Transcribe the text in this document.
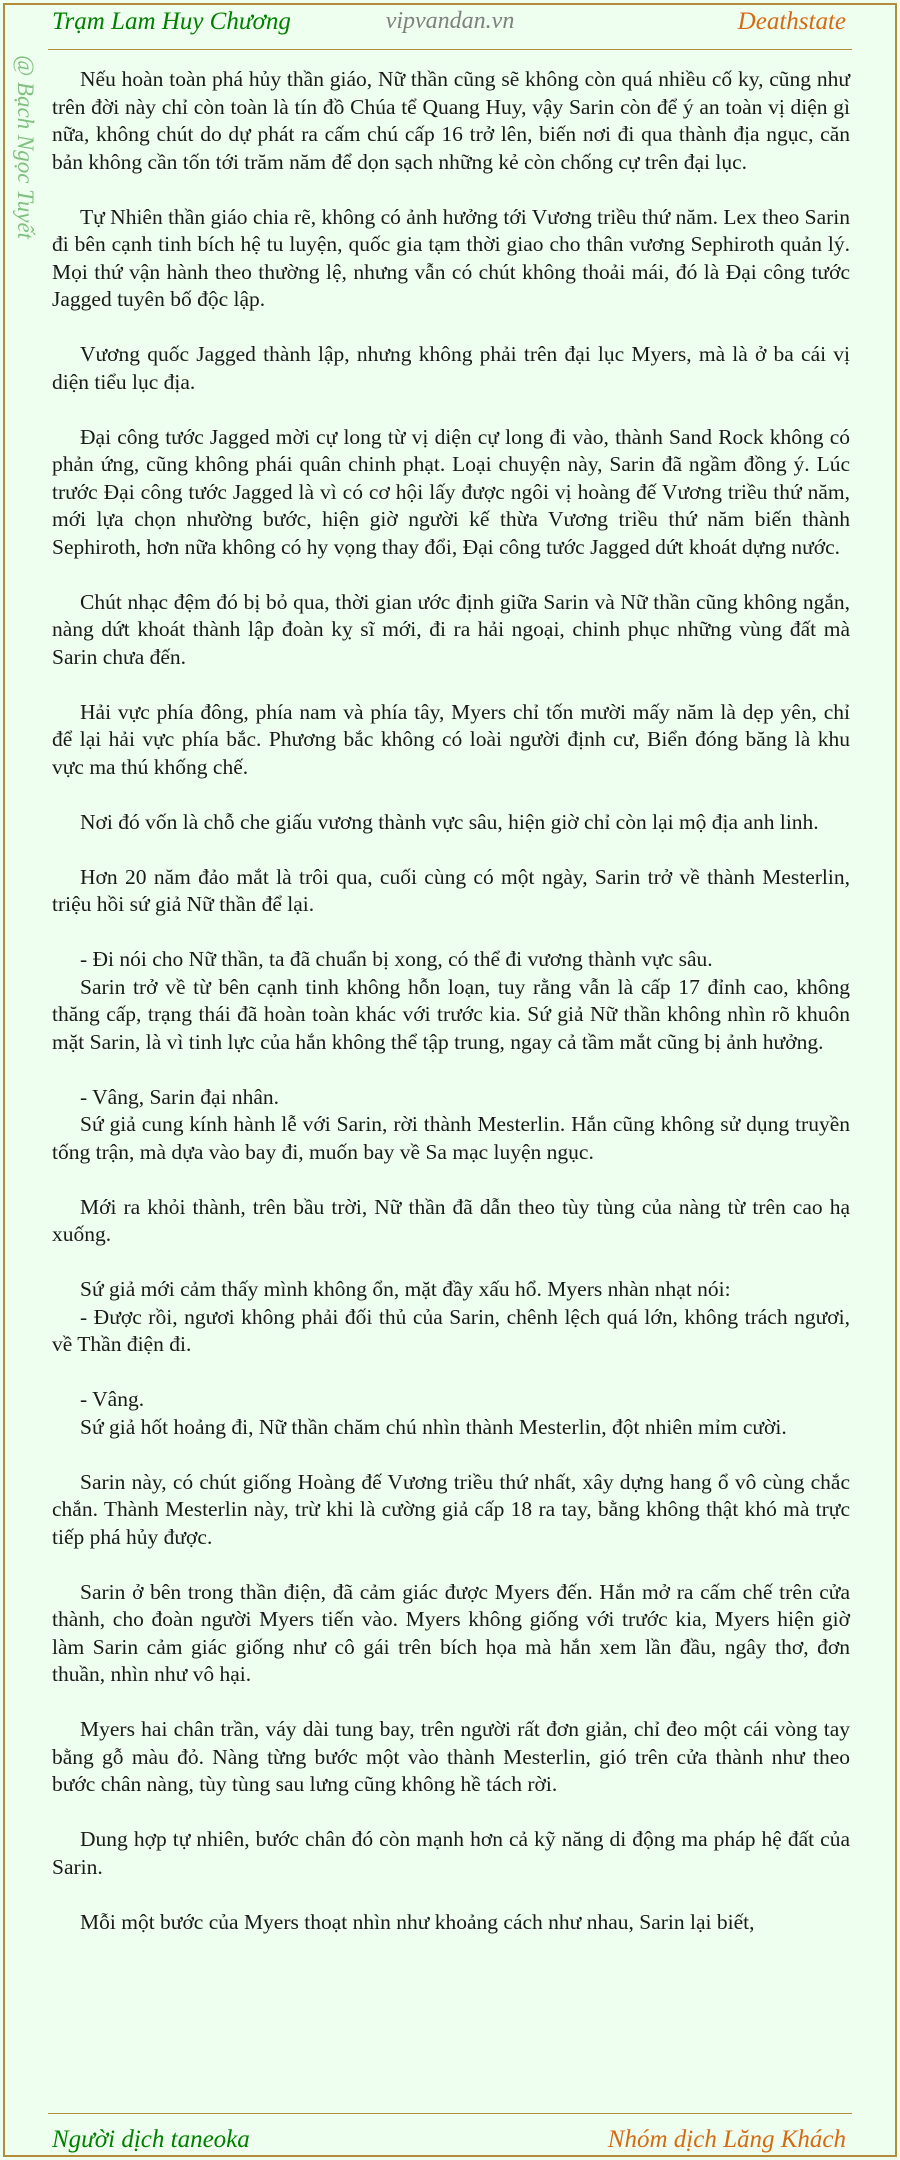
Trạm Lam Huy Chương	vipvandan.vn	Deathstate
@ Bạch Ngọc Tuyết	Nếu hoàn toàn phá hủy thần giáo, Nữ thần cũng sẽ không còn quá nhiều cố ky, cũng như trên đời này chỉ còn toàn là tín đồ Chúa tể Quang Huy, vậy Sarin còn để ý an toàn vị diện gì nữa, không chút do dự phát ra cấm chú cấp 16 trở lên, biến nơi đi qua thành địa ngục, căn bản không cần tốn tới trăm năm để dọn sạch những kẻ còn chống cự trên đại lục.

Tự Nhiên thần giáo chia rẽ, không có ảnh hưởng tới Vương triều thứ năm. Lex theo Sarin đi bên cạnh tinh bích hệ tu luyện, quốc gia tạm thời giao cho thân vương Sephiroth quản lý. Mọi thứ vận hành theo thường lệ, nhưng vẫn có chút không thoải mái, đó là Đại công tước Jagged tuyên bố độc lập.

Vương quốc Jagged thành lập, nhưng không phải trên đại lục Myers, mà là ở ba cái vị diện tiểu lục địa.

Đại công tước Jagged mời cự long từ vị diện cự long đi vào, thành Sand Rock không có phản ứng, cũng không phái quân chinh phạt. Loại chuyện này, Sarin đã ngầm đồng ý. Lúc trước Đại công tước Jagged là vì có cơ hội lấy được ngôi vị hoàng đế Vương triều thứ năm, mới lựa chọn nhường bước, hiện giờ người kế thừa Vương triều thứ năm biến thành Sephiroth, hơn nữa không có hy vọng thay đổi, Đại công tước Jagged dứt khoát dựng nước.

Chút nhạc đệm đó bị bỏ qua, thời gian ước định giữa Sarin và Nữ thần cũng không ngắn, nàng dứt khoát thành lập đoàn kỵ sĩ mới, đi ra hải ngoại, chinh phục những vùng đất mà Sarin chưa đến.

Hải vực phía đông, phía nam và phía tây, Myers chỉ tốn mười mấy năm là dẹp yên, chỉ để lại hải vực phía bắc. Phương bắc không có loài người định cư, Biển đóng băng là khu vực ma thú khống chế.

Nơi đó vốn là chỗ che giấu vương thành vực sâu, hiện giờ chỉ còn lại mộ địa anh linh.

Hơn 20 năm đảo mắt là trôi qua, cuối cùng có một ngày, Sarin trở về thành Mesterlin, triệu hồi sứ giả Nữ thần để lại.

- Đi nói cho Nữ thần, ta đã chuẩn bị xong, có thể đi vương thành vực sâu.
Sarin trở về từ bên cạnh tinh không hỗn loạn, tuy rằng vẫn là cấp 17 đỉnh cao, không thăng cấp, trạng thái đã hoàn toàn khác với trước kia. Sứ giả Nữ thần không nhìn rõ khuôn mặt Sarin, là vì tinh lực của hắn không thể tập trung, ngay cả tầm mắt cũng bị ảnh hưởng.

- Vâng, Sarin đại nhân.
Sứ giả cung kính hành lễ với Sarin, rời thành Mesterlin. Hắn cũng không sử dụng truyền tống trận, mà dựa vào bay đi, muốn bay về Sa mạc luyện ngục.

Mới ra khỏi thành, trên bầu trời, Nữ thần đã dẫn theo tùy tùng của nàng từ trên cao hạ xuống.

Sứ giả mới cảm thấy mình không ổn, mặt đầy xấu hổ. Myers nhàn nhạt nói:
- Được rồi, ngươi không phải đối thủ của Sarin, chênh lệch quá lớn, không trách ngươi, về Thần điện đi.

- Vâng.
Sứ giả hốt hoảng đi, Nữ thần chăm chú nhìn thành Mesterlin, đột nhiên mỉm cười.

Sarin này, có chút giống Hoàng đế Vương triều thứ nhất, xây dựng hang ổ vô cùng chắc chắn. Thành Mesterlin này, trừ khi là cường giả cấp 18 ra tay, bằng không thật khó mà trực tiếp phá hủy được.

Sarin ở bên trong thần điện, đã cảm giác được Myers đến. Hắn mở ra cấm chế trên cửa thành, cho đoàn người Myers tiến vào. Myers không giống với trước kia, Myers hiện giờ làm Sarin cảm giác giống như cô gái trên bích họa mà hắn xem lần đầu, ngây thơ, đơn thuần, nhìn như vô hại.

Myers hai chân trần, váy dài tung bay, trên người rất đơn giản, chỉ đeo một cái vòng tay bằng gỗ màu đỏ. Nàng từng bước một vào thành Mesterlin, gió trên cửa thành như theo bước chân nàng, tùy tùng sau lưng cũng không hề tách rời.

Dung hợp tự nhiên, bước chân đó còn mạnh hơn cả kỹ năng di động ma pháp hệ đất của Sarin.

Mỗi một bước của Myers thoạt nhìn như khoảng cách như nhau, Sarin lại biết,

Người dịch taneoka	Nhóm dịch Lăng Khách
